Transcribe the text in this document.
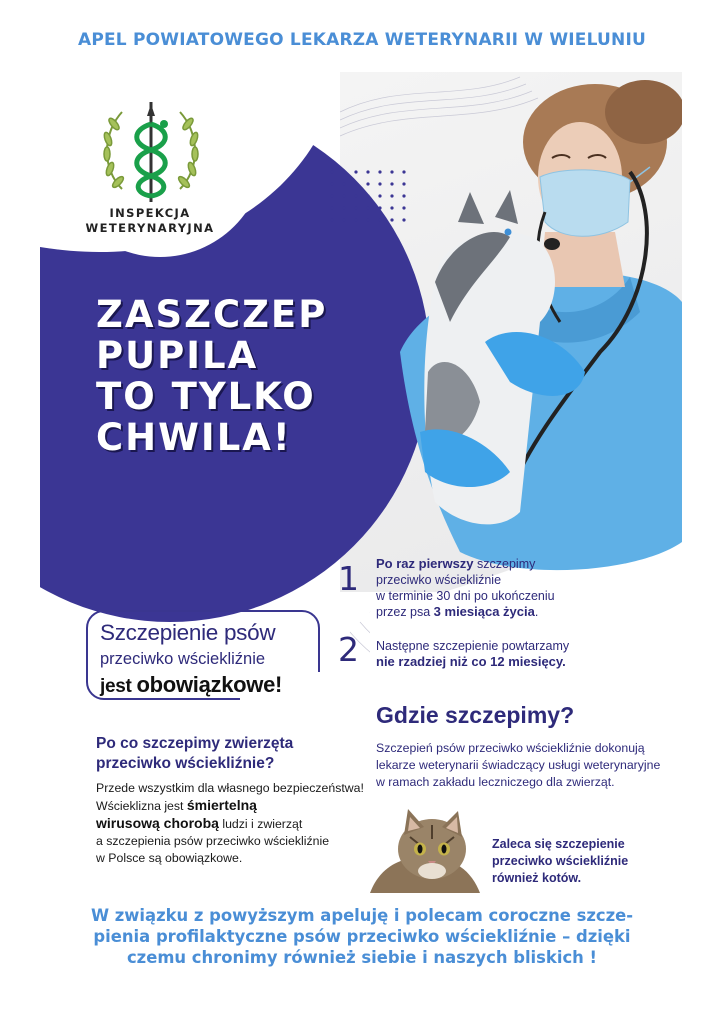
APEL POWIATOWEGO LEKARZA WETERYNARII W WIELUNIU
INSPEKCJA
WETERYNARYJNA
ZASZCZEP
PUPILA
TO TYLKO
CHWILA!
1 Po raz pierwszy szczepimy
przeciwko wściekliźnie
w terminie 30 dni po ukończeniu
przez psa 3 miesiąca życia.
2 Następne szczepienie powtarzamy
nie rzadziej niż co 12 miesięcy.
Szczepienie psów
przeciwko wściekliźnie
jest obowiązkowe!
Po co szczepimy zwierzęta
przeciwko wściekliźnie?
Przede wszystkim dla własnego bezpieczeństwa!
Wścieklizna jest śmiertelną
wirusową chorobą ludzi i zwierząt
a szczepienia psów przeciwko wściekliźnie
w Polsce są obowiązkowe.
Gdzie szczepimy?
Szczepień psów przeciwko wściekliźnie dokonują
lekarze weterynarii świadczący usługi weterynaryjne
w ramach zakładu leczniczego dla zwierząt.
Zaleca się szczepienie
przeciwko wściekliźnie
również kotów.
W związku z powyższym apeluję i polecam coroczne szcze-
pienia profilaktyczne psów przeciwko wściekliźnie – dzięki
czemu chronimy również siebie i naszych bliskich !
